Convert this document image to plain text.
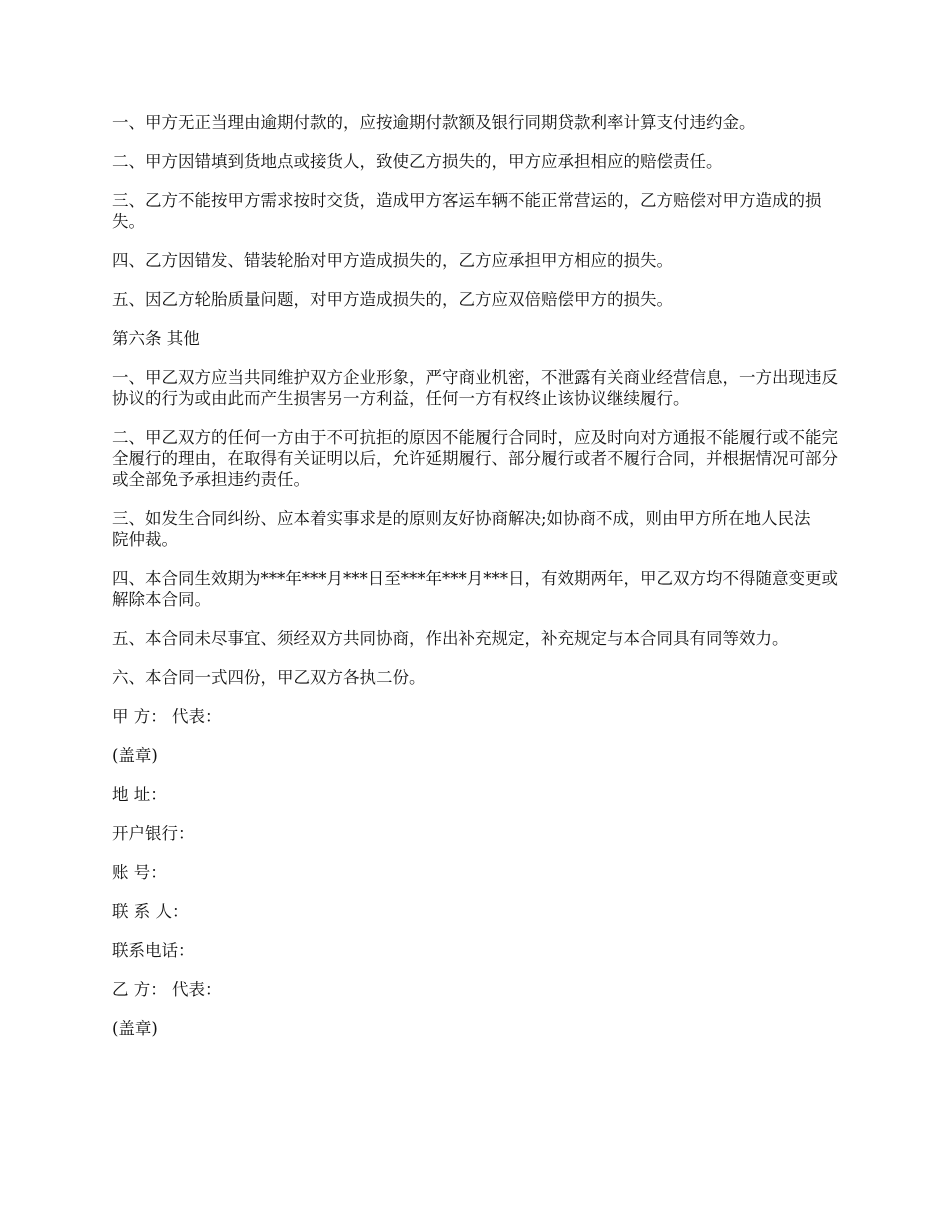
一、甲方无正当理由逾期付款的，应按逾期付款额及银行同期贷款利率计算支付违约金。

二、甲方因错填到货地点或接货人，致使乙方损失的，甲方应承担相应的赔偿责任。

三、乙方不能按甲方需求按时交货，造成甲方客运车辆不能正常营运的，乙方赔偿对甲方造成的损失。

四、乙方因错发、错装轮胎对甲方造成损失的，乙方应承担甲方相应的损失。

五、因乙方轮胎质量问题，对甲方造成损失的，乙方应双倍赔偿甲方的损失。

第六条 其他

一、甲乙双方应当共同维护双方企业形象，严守商业机密，不泄露有关商业经营信息，一方出现违反协议的行为或由此而产生损害另一方利益，任何一方有权终止该协议继续履行。

二、甲乙双方的任何一方由于不可抗拒的原因不能履行合同时，应及时向对方通报不能履行或不能完全履行的理由，在取得有关证明以后，允许延期履行、部分履行或者不履行合同，并根据情况可部分或全部免予承担违约责任。

三、如发生合同纠纷、应本着实事求是的原则友好协商解决;如协商不成，则由甲方所在地人民法院仲裁。

四、本合同生效期为***年***月***日至***年***月***日，有效期两年，甲乙双方均不得随意变更或解除本合同。

五、本合同未尽事宜、须经双方共同协商，作出补充规定，补充规定与本合同具有同等效力。

六、本合同一式四份，甲乙双方各执二份。

甲 方： 代表：

(盖章)

地 址：

开户银行：

账 号：

联 系 人：

联系电话：

乙 方： 代表：

(盖章)
